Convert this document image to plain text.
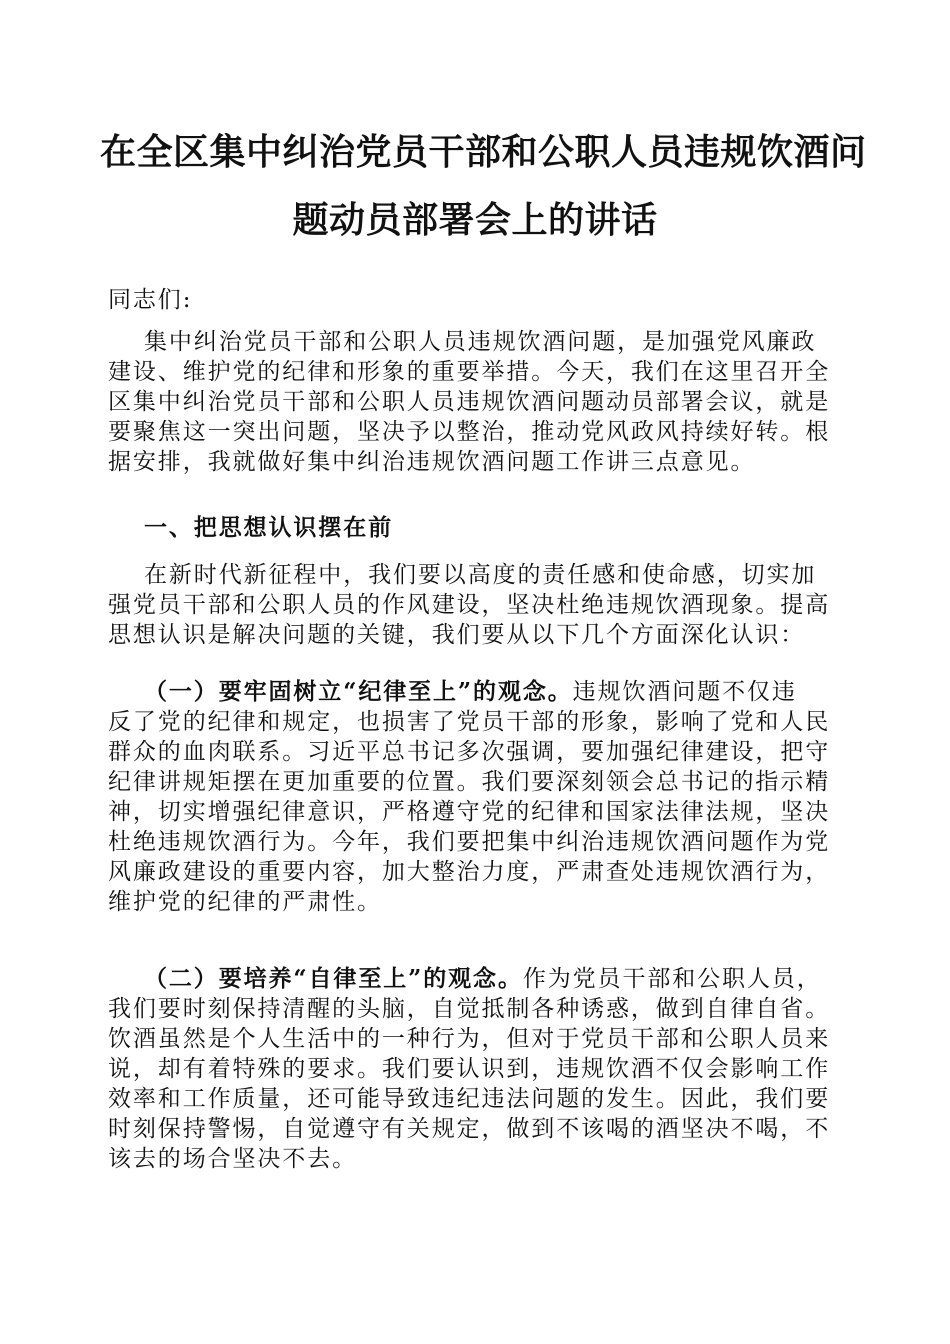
在全区集中纠治党员干部和公职人员违规饮酒问
题动员部署会上的讲话
同志们:
集中纠治党员干部和公职人员违规饮酒问题，是加强党风廉政
建设、维护党的纪律和形象的重要举措。今天，我们在这里召开全
区集中纠治党员干部和公职人员违规饮酒问题动员部署会议，就是
要聚焦这一突出问题，坚决予以整治，推动党风政风持续好转。根
据安排，我就做好集中纠治违规饮酒问题工作讲三点意见。
一、把思想认识摆在前
在新时代新征程中，我们要以高度的责任感和使命感，切实加
强党员干部和公职人员的作风建设，坚决杜绝违规饮酒现象。提高
思想认识是解决问题的关键，我们要从以下几个方面深化认识：
（一）要牢固树立“纪律至上”的观念。违规饮酒问题不仅违
反了党的纪律和规定，也损害了党员干部的形象，影响了党和人民
群众的血肉联系。习近平总书记多次强调，要加强纪律建设，把守
纪律讲规矩摆在更加重要的位置。我们要深刻领会总书记的指示精
神，切实增强纪律意识，严格遵守党的纪律和国家法律法规，坚决
杜绝违规饮酒行为。今年，我们要把集中纠治违规饮酒问题作为党
风廉政建设的重要内容，加大整治力度，严肃查处违规饮酒行为，
维护党的纪律的严肃性。
（二）要培养“自律至上”的观念。作为党员干部和公职人员，
我们要时刻保持清醒的头脑，自觉抵制各种诱惑，做到自律自省。
饮酒虽然是个人生活中的一种行为，但对于党员干部和公职人员来
说，却有着特殊的要求。我们要认识到，违规饮酒不仅会影响工作
效率和工作质量，还可能导致违纪违法问题的发生。因此，我们要
时刻保持警惕，自觉遵守有关规定，做到不该喝的酒坚决不喝，不
该去的场合坚决不去。
